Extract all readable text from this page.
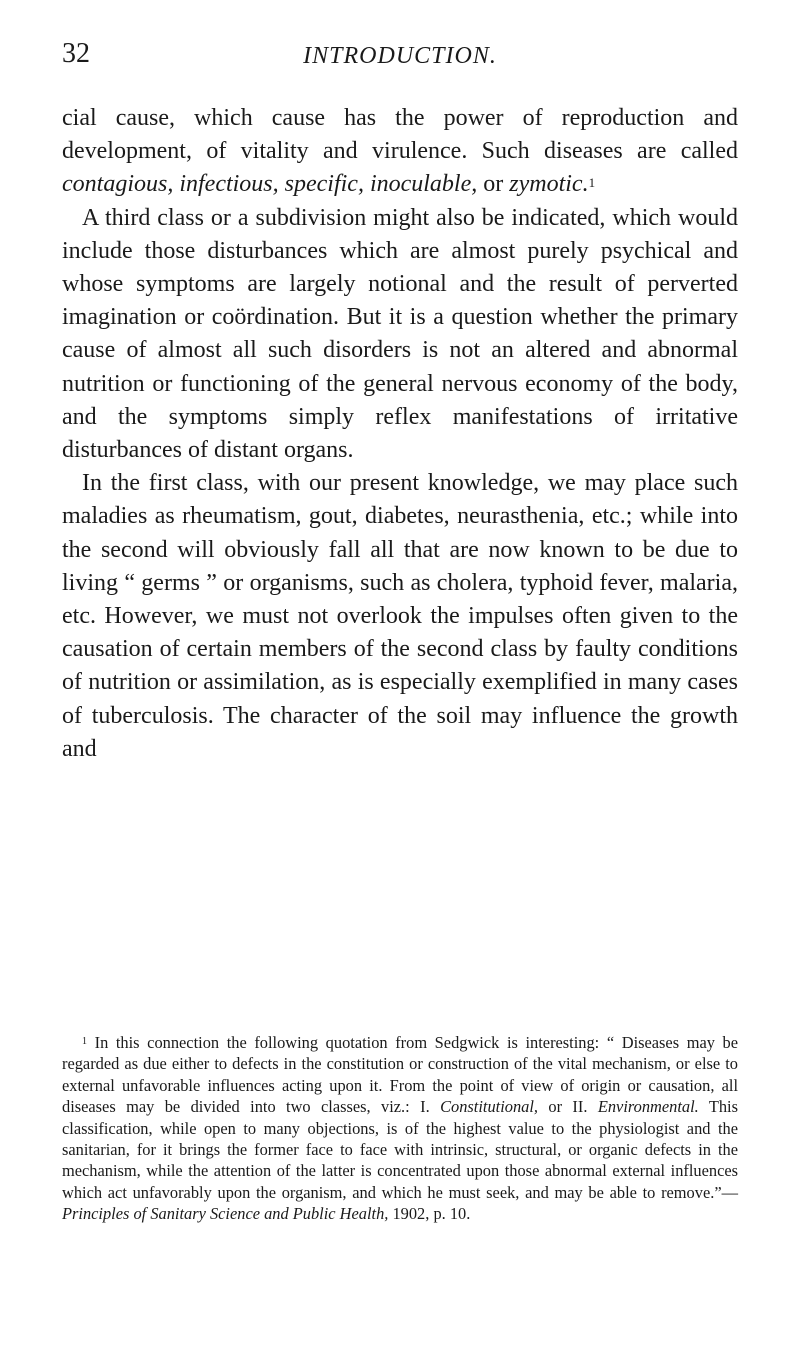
32	INTRODUCTION.

cial cause, which cause has the power of reproduction and development, of vitality and virulence. Such diseases are called contagious, infectious, specific, inoculable, or zymotic.$^1$

A third class or a subdivision might also be indicated, which would include those disturbances which are almost purely psychical and whose symptoms are largely notional and the result of perverted imagination or coördination. But it is a question whether the primary cause of almost all such disorders is not an altered and abnormal nutrition or functioning of the general nervous economy of the body, and the symptoms simply reflex manifestations of irritative disturbances of distant organs.

In the first class, with our present knowledge, we may place such maladies as rheumatism, gout, diabetes, neurasthenia, etc.; while into the second will obviously fall all that are now known to be due to living “ germs ” or organisms, such as cholera, typhoid fever, malaria, etc. However, we must not overlook the impulses often given to the causation of certain members of the second class by faulty conditions of nutrition or assimilation, as is especially exemplified in many cases of tuberculosis. The character of the soil may influence the growth and

$^1$ In this connection the following quotation from Sedgwick is interesting: “ Diseases may be regarded as due either to defects in the constitution or construction of the vital mechanism, or else to external unfavorable influences acting upon it. From the point of view of origin or causation, all diseases may be divided into two classes, viz.: I. Constitutional, or II. Environmental. This classification, while open to many objections, is of the highest value to the physiologist and the sanitarian, for it brings the former face to face with intrinsic, structural, or organic defects in the mechanism, while the attention of the latter is concentrated upon those abnormal external influences which act unfavorably upon the organism, and which he must seek, and may be able to remove.”—Principles of Sanitary Science and Public Health, 1902, p. 10.
